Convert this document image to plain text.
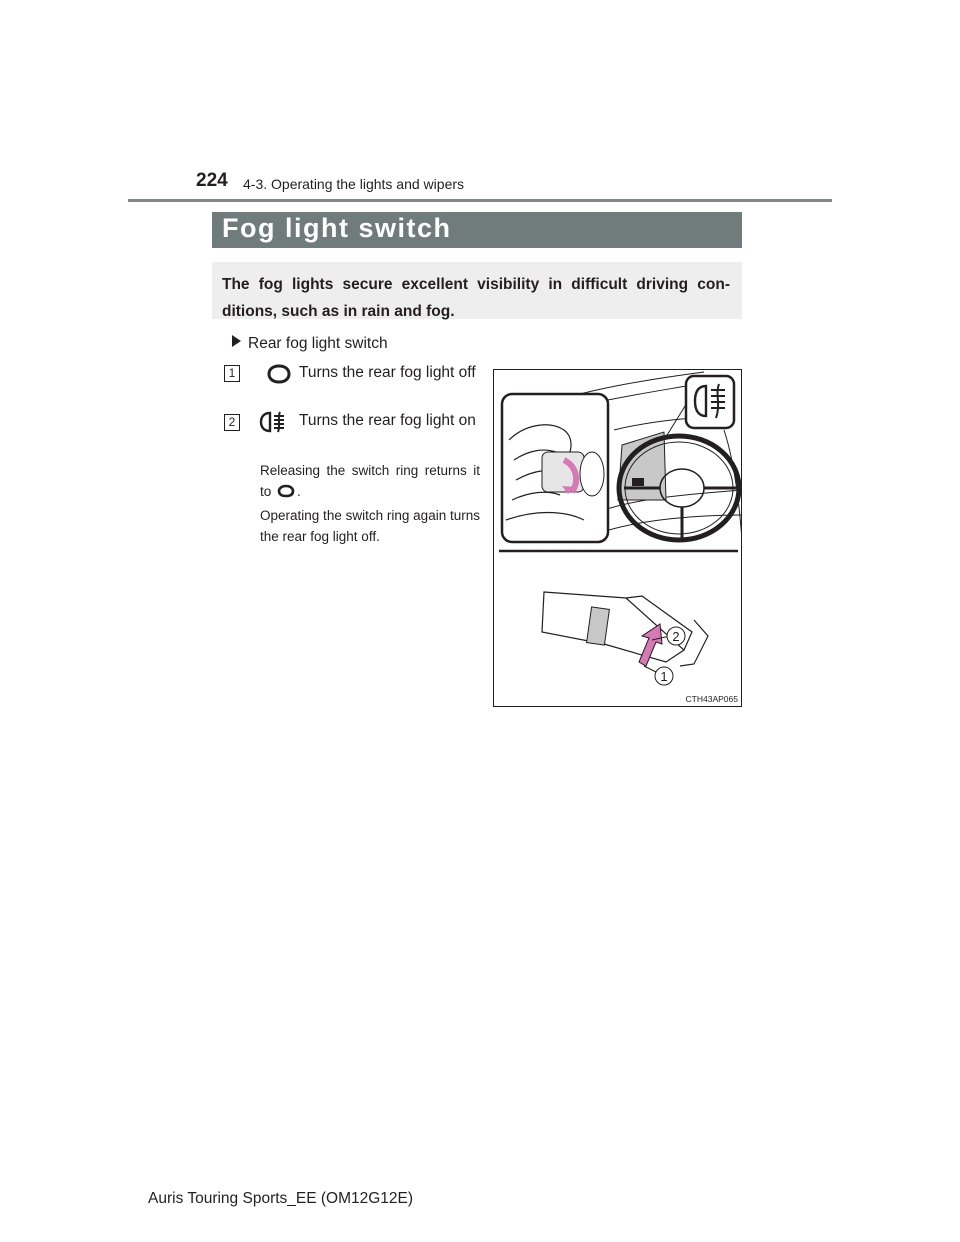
224 4-3. Operating the lights and wipers
Fog light switch
The fog lights secure excellent visibility in difficult driving con-ditions, such as in rain and fog.
Rear fog light switch
1	Turns the rear fog light off
2	Turns the rear fog light on
Releasing the switch ring returns it to .
Operating the switch ring again turns the rear fog light off.
2
1
CTH43AP065
Auris Touring Sports_EE (OM12G12E)
